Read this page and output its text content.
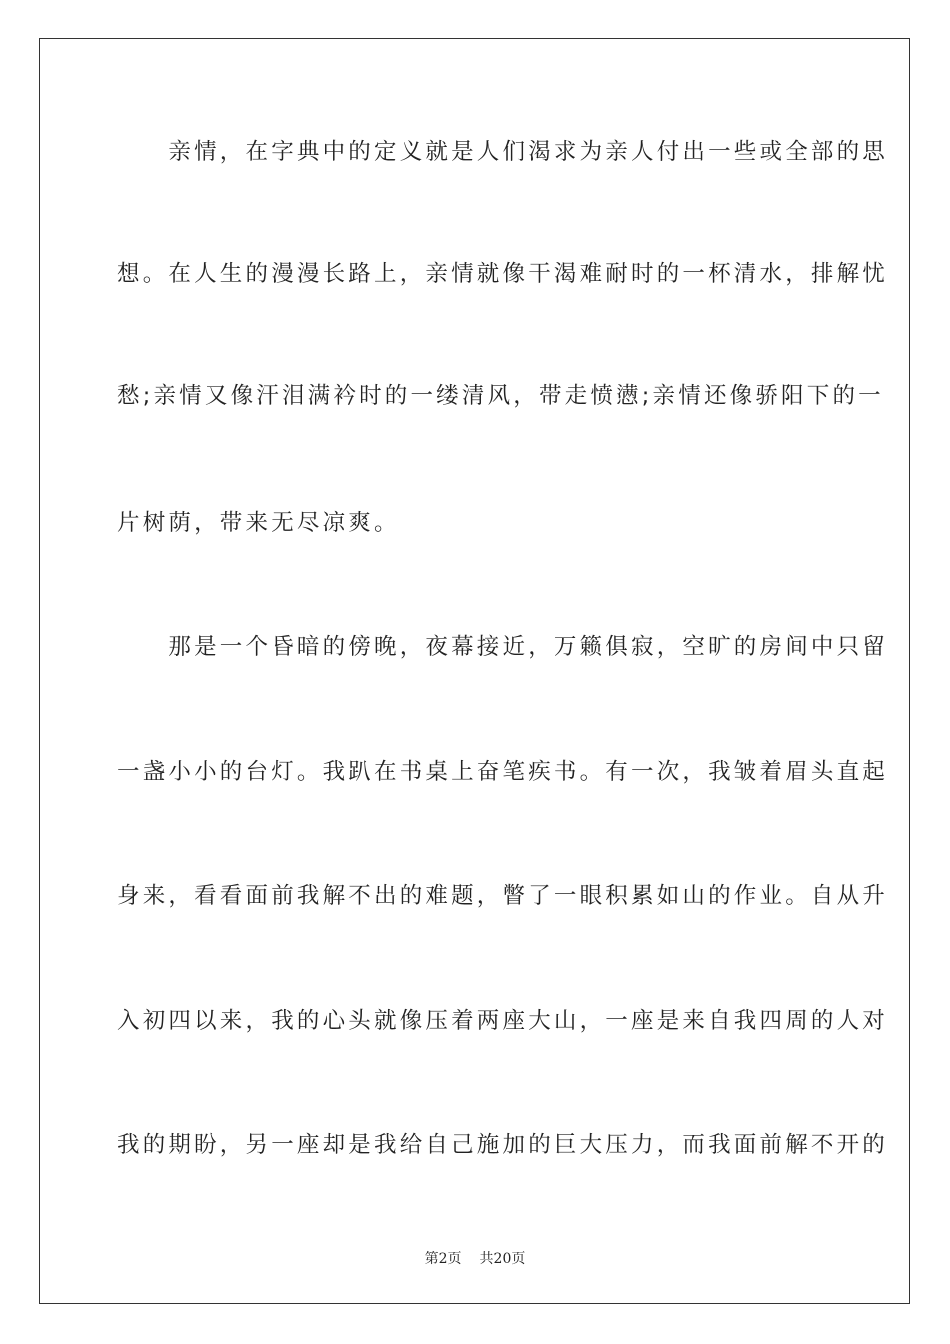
　　亲情，在字典中的定义就是人们渴求为亲人付出一些或全部的思
想。在人生的漫漫长路上，亲情就像干渴难耐时的一杯清水，排解忧
愁;亲情又像汗泪满衿时的一缕清风，带走愤懑;亲情还像骄阳下的一
片树荫，带来无尽凉爽。
　　那是一个昏暗的傍晚，夜幕接近，万籁俱寂，空旷的房间中只留
一盏小小的台灯。我趴在书桌上奋笔疾书。有一次，我皱着眉头直起
身来，看看面前我解不出的难题，瞥了一眼积累如山的作业。自从升
入初四以来，我的心头就像压着两座大山，一座是来自我四周的人对
我的期盼，另一座却是我给自己施加的巨大压力，而我面前解不开的
第2页 共20页
